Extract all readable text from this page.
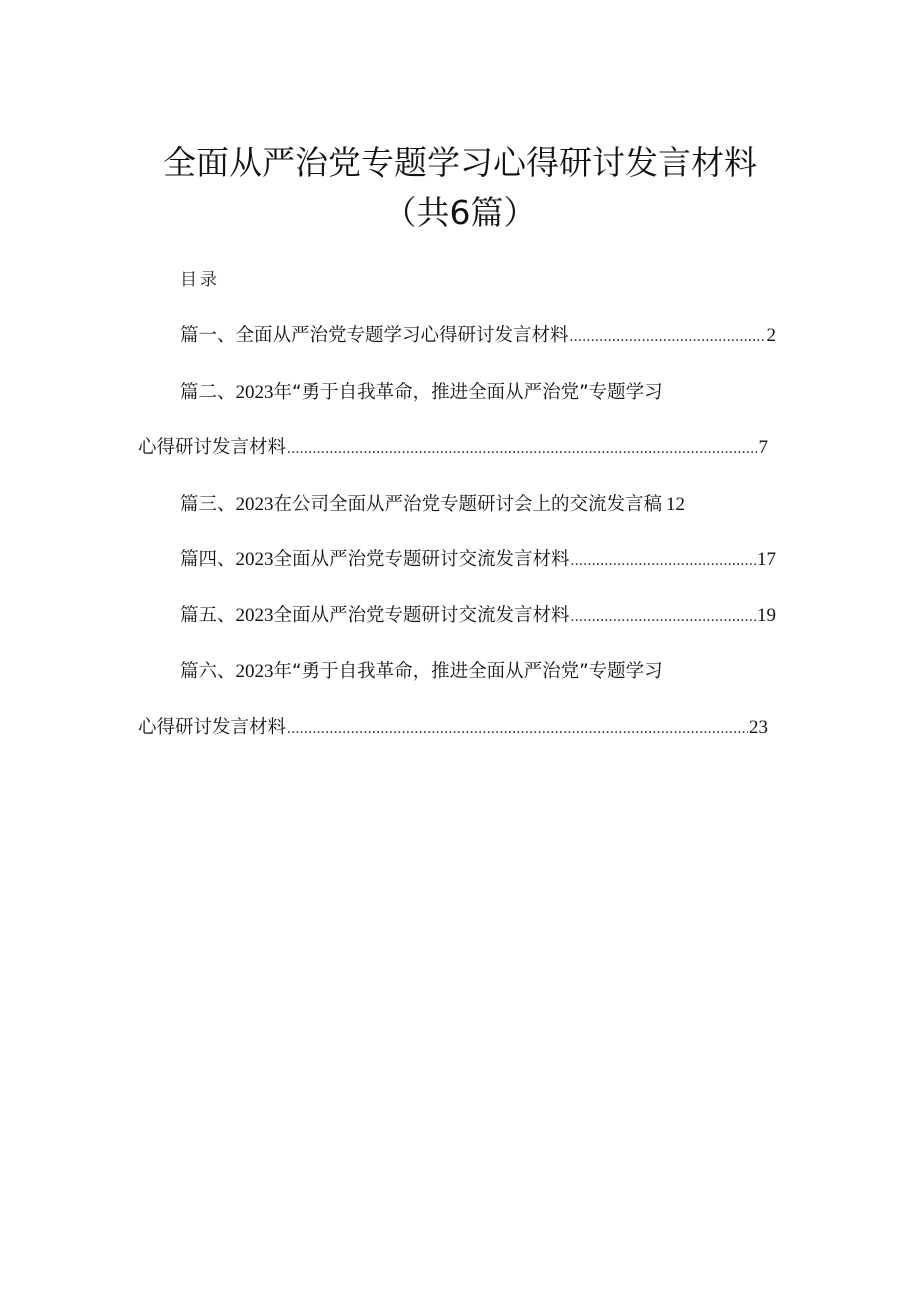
全面从严治党专题学习心得研讨发言材料
（共6篇）
目录
篇一、 全面从严治党专题学习心得研讨发言材料 .....	2
篇二、 2023 年“勇于自我革命，推进全面从严治党”专题学习
心得研讨发言材料 .....	7
篇三、 2023 在公司全面从严治党专题研讨会上的交流发言稿 12
篇四、 2023 全面从严治党专题研讨交流发言材料 .....	17
篇五、 2023 全面从严治党专题研讨交流发言材料 .....	19
篇六、 2023 年“勇于自我革命，推进全面从严治党”专题学习
心得研讨发言材料 .....	23
